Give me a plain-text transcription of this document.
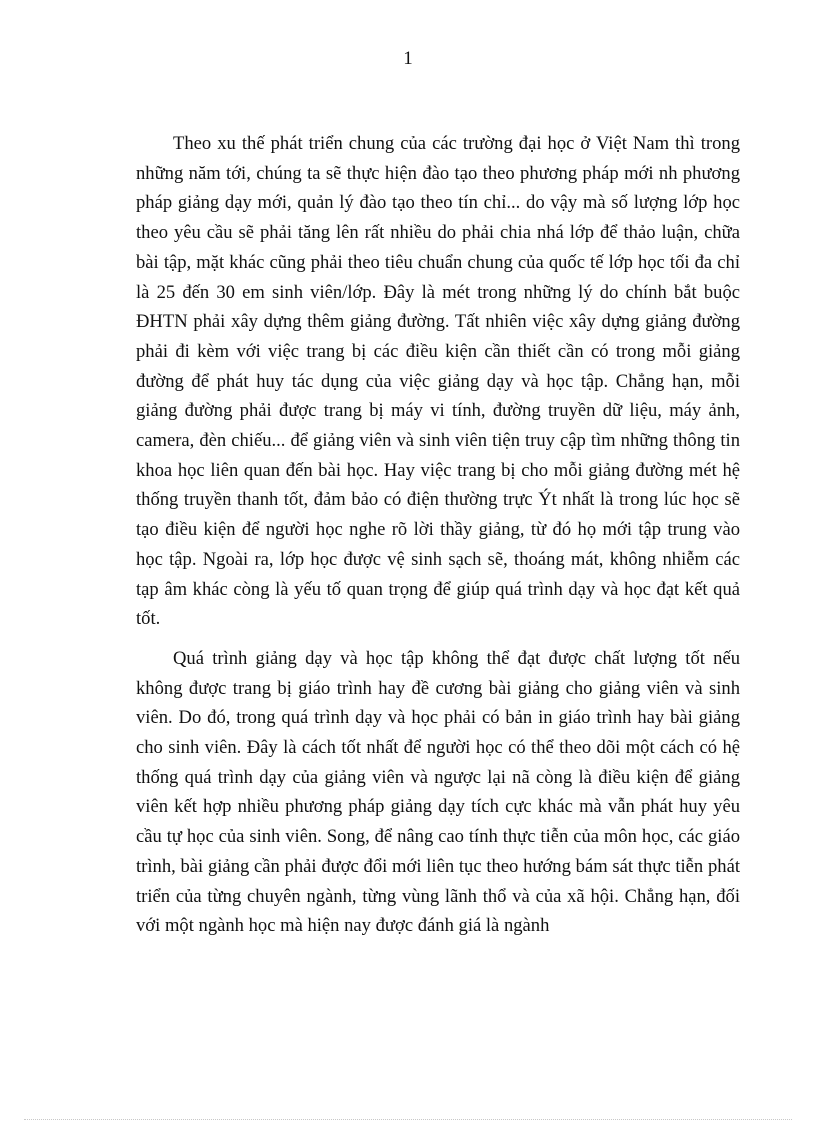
1

Theo xu thế phát triển chung của các trường đại học ở Việt Nam thì trong những năm tới, chúng ta sẽ thực hiện đào tạo theo phương pháp mới nh phương pháp giảng dạy mới, quản lý đào tạo theo tín chỉ... do vậy mà số lượng lớp học theo yêu cầu sẽ phải tăng lên rất nhiều do phải chia nhá lớp để thảo luận, chữa bài tập, mặt khác cũng phải theo tiêu chuẩn chung của quốc tế lớp học tối đa chỉ là 25 đến 30 em sinh viên/lớp. Đây là mét trong những lý do chính bắt buộc ĐHTN phải xây dựng thêm giảng đường. Tất nhiên việc xây dựng giảng đường phải đi kèm với việc trang bị các điều kiện cần thiết cần có trong mỗi giảng đường để phát huy tác dụng của việc giảng dạy và học tập. Chẳng hạn, mỗi giảng đường phải được trang bị máy vi tính, đường truyền dữ liệu, máy ảnh, camera, đèn chiếu... để giảng viên và sinh viên tiện truy cập tìm những thông tin khoa học liên quan đến bài học. Hay việc trang bị cho mỗi giảng đường mét hệ thống truyền thanh tốt, đảm bảo có điện thường trực Ýt nhất là trong lúc học sẽ tạo điều kiện để người học nghe rõ lời thầy giảng, từ đó họ mới tập trung vào học tập. Ngoài ra, lớp học được vệ sinh sạch sẽ, thoáng mát, không nhiễm các tạp âm khác còng là yếu tố quan trọng để giúp quá trình dạy và học đạt kết quả tốt.

Quá trình giảng dạy và học tập không thể đạt được chất lượng tốt nếu không được trang bị giáo trình hay đề cương bài giảng cho giảng viên và sinh viên. Do đó, trong quá trình dạy và học phải có bản in giáo trình hay bài giảng cho sinh viên. Đây là cách tốt nhất để người học có thể theo dõi một cách có hệ thống quá trình dạy của giảng viên và ngược lại nã còng là điều kiện để giảng viên kết hợp nhiều phương pháp giảng dạy tích cực khác mà vẫn phát huy yêu cầu tự học của sinh viên. Song, để nâng cao tính thực tiễn của môn học, các giáo trình, bài giảng cần phải được đổi mới liên tục theo hướng bám sát thực tiễn phát triển của từng chuyên ngành, từng vùng lãnh thổ và của xã hội. Chẳng hạn, đối với một ngành học mà hiện nay được đánh giá là ngành
